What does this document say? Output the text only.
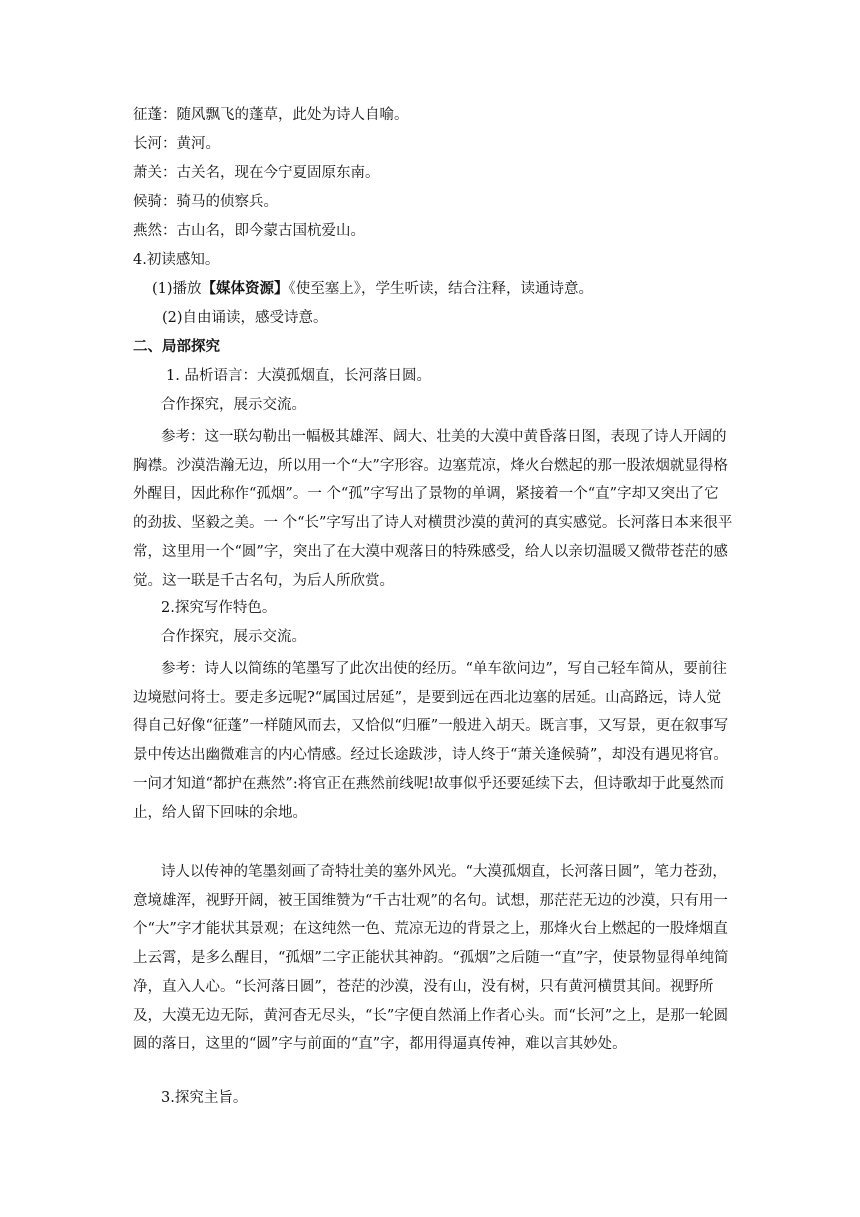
征蓬：随风飘飞的蓬草，此处为诗人自喻。
长河：黄河。
萧关：古关名，现在今宁夏固原东南。
候骑：骑马的侦察兵。
燕然：古山名，即今蒙古国杭爱山。
4.初读感知。
(1)播放【媒体资源】《使至塞上》，学生听读，结合注释，读通诗意。
(2)自由诵读，感受诗意。
二、局部探究
1. 品析语言：大漠孤烟直，长河落日圆。
合作探究，展示交流。
参考：这一联勾勒出一幅极其雄浑、阔大、壮美的大漠中黄昏落日图，表现了诗人开阔的胸襟。沙漠浩瀚无边，所以用一个“大”字形容。边塞荒凉，烽火台燃起的那一股浓烟就显得格外醒目，因此称作“孤烟”。一 个“孤”字写出了景物的单调，紧接着一个“直”字却又突出了它的劲拔、坚毅之美。一 个“长”字写出了诗人对横贯沙漠的黄河的真实感觉。长河落日本来很平常，这里用一个“圆”字，突出了在大漠中观落日的特殊感受，给人以亲切温暖又微带苍茫的感觉。这一联是千古名句，为后人所欣赏。
2.探究写作特色。
合作探究，展示交流。
参考：诗人以简练的笔墨写了此次出使的经历。“单车欲问边”，写自己轻车简从，要前往边境慰问将士。要走多远呢?“属国过居延”，是要到远在西北边塞的居延。山高路远，诗人觉得自己好像“征蓬”一样随风而去，又恰似“归雁”一般进入胡天。既言事，又写景，更在叙事写景中传达出幽微难言的内心情感。经过长途跋涉，诗人终于“萧关逢候骑”，却没有遇见将官。一问才知道“都护在燕然”:将官正在燕然前线呢!故事似乎还要延续下去，但诗歌却于此戛然而止，给人留下回味的余地。
诗人以传神的笔墨刻画了奇特壮美的塞外风光。“大漠孤烟直，长河落日圆”，笔力苍劲，意境雄浑，视野开阔，被王国维赞为“千古壮观”的名句。试想，那茫茫无边的沙漠，只有用一个“大”字才能状其景观；在这纯然一色、荒凉无边的背景之上，那烽火台上燃起的一股烽烟直上云霄，是多么醒目，“孤烟”二字正能状其神韵。“孤烟”之后随一“直”字，使景物显得单纯简净，直入人心。“长河落日圆”，苍茫的沙漠，没有山，没有树，只有黄河横贯其间。视野所及，大漠无边无际，黄河杳无尽头，“长”字便自然涌上作者心头。而“长河”之上，是那一轮圆圆的落日，这里的“圆”字与前面的“直”字，都用得逼真传神，难以言其妙处。
3.探究主旨。
